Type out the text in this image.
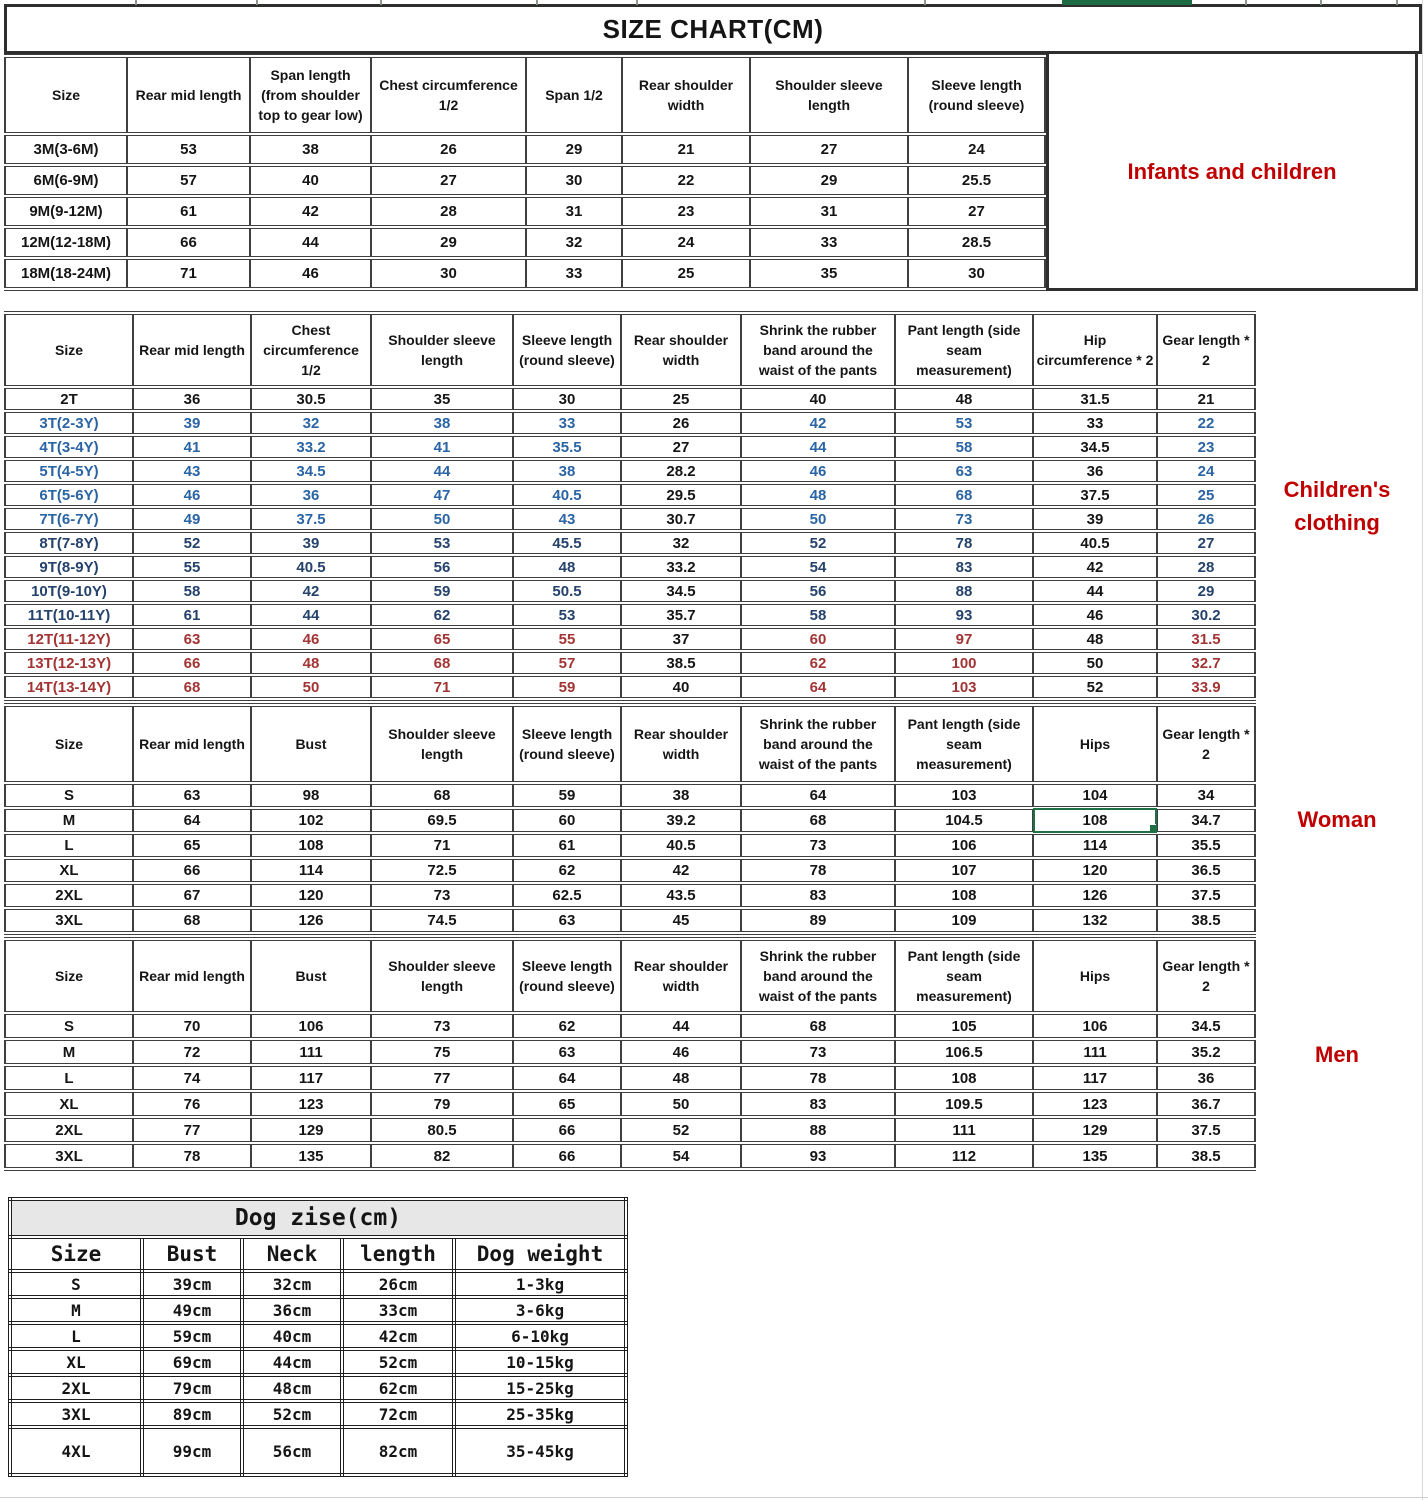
SIZE CHART(CM)
Size	Rear mid length	Span length (from shoulder top to gear low)	Chest circumference 1/2	Span 1/2	Rear shoulder width	Shoulder sleeve length	Sleeve length (round sleeve)
3M(3-6M)	53	38	26	29	21	27	24
6M(6-9M)	57	40	27	30	22	29	25.5
9M(9-12M)	61	42	28	31	23	31	27
12M(12-18M)	66	44	29	32	24	33	28.5
18M(18-24M)	71	46	30	33	25	35	30
Infants and children
Size	Rear mid length	Chest circumference 1/2	Shoulder sleeve length	Sleeve length (round sleeve)	Rear shoulder width	Shrink the rubber band around the waist of the pants	Pant length (side seam measurement)	Hip circumference * 2	Gear length * 2
2T	36	30.5	35	30	25	40	48	31.5	21
3T(2-3Y)	39	32	38	33	26	42	53	33	22
4T(3-4Y)	41	33.2	41	35.5	27	44	58	34.5	23
5T(4-5Y)	43	34.5	44	38	28.2	46	63	36	24
6T(5-6Y)	46	36	47	40.5	29.5	48	68	37.5	25
7T(6-7Y)	49	37.5	50	43	30.7	50	73	39	26
8T(7-8Y)	52	39	53	45.5	32	52	78	40.5	27
9T(8-9Y)	55	40.5	56	48	33.2	54	83	42	28
10T(9-10Y)	58	42	59	50.5	34.5	56	88	44	29
11T(10-11Y)	61	44	62	53	35.7	58	93	46	30.2
12T(11-12Y)	63	46	65	55	37	60	97	48	31.5
13T(12-13Y)	66	48	68	57	38.5	62	100	50	32.7
14T(13-14Y)	68	50	71	59	40	64	103	52	33.9
Children's clothing
Size	Rear mid length	Bust	Shoulder sleeve length	Sleeve length (round sleeve)	Rear shoulder width	Shrink the rubber band around the waist of the pants	Pant length (side seam measurement)	Hips	Gear length * 2
S	63	98	68	59	38	64	103	104	34
M	64	102	69.5	60	39.2	68	104.5	108	34.7
L	65	108	71	61	40.5	73	106	114	35.5
XL	66	114	72.5	62	42	78	107	120	36.5
2XL	67	120	73	62.5	43.5	83	108	126	37.5
3XL	68	126	74.5	63	45	89	109	132	38.5
Woman
Size	Rear mid length	Bust	Shoulder sleeve length	Sleeve length (round sleeve)	Rear shoulder width	Shrink the rubber band around the waist of the pants	Pant length (side seam measurement)	Hips	Gear length * 2
S	70	106	73	62	44	68	105	106	34.5
M	72	111	75	63	46	73	106.5	111	35.2
L	74	117	77	64	48	78	108	117	36
XL	76	123	79	65	50	83	109.5	123	36.7
2XL	77	129	80.5	66	52	88	111	129	37.5
3XL	78	135	82	66	54	93	112	135	38.5
Men
Dog zise(cm)				
Size	Bust	Neck	length	Dog weight
S	39cm	32cm	26cm	1-3kg
M	49cm	36cm	33cm	3-6kg
L	59cm	40cm	42cm	6-10kg
XL	69cm	44cm	52cm	10-15kg
2XL	79cm	48cm	62cm	15-25kg
3XL	89cm	52cm	72cm	25-35kg
4XL	99cm	56cm	82cm	35-45kg
